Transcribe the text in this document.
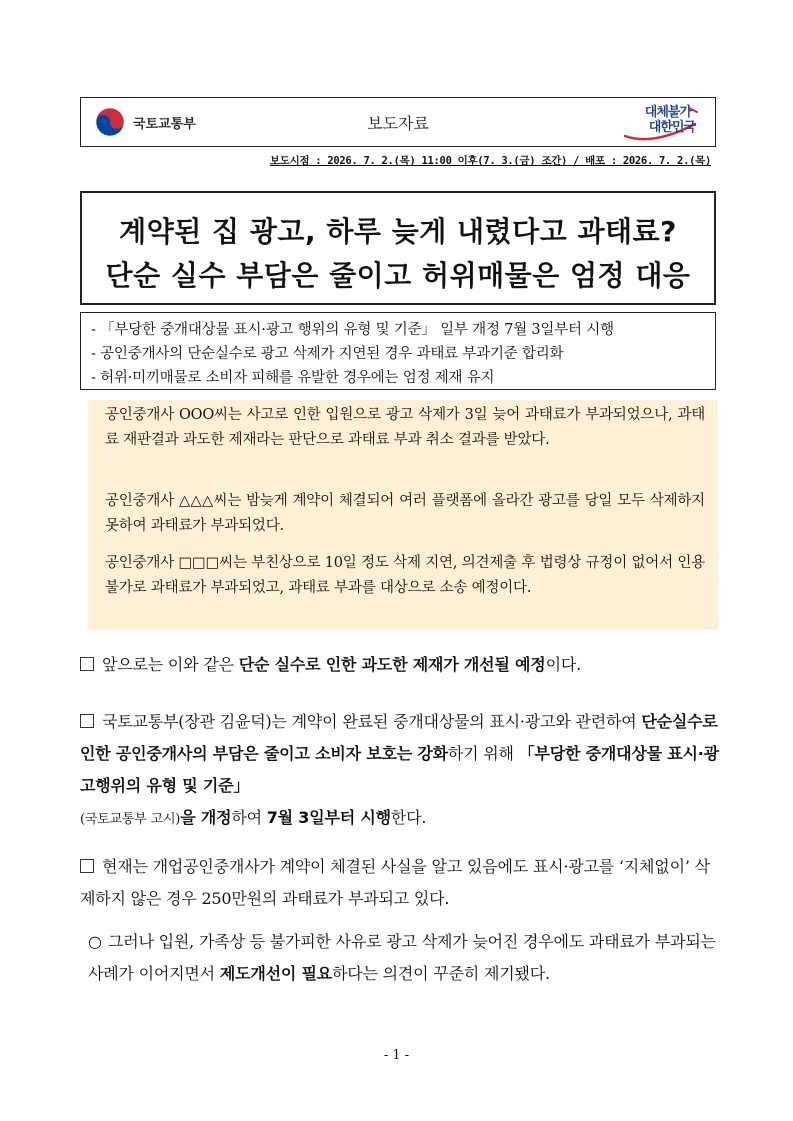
국토교통부	보도자료
대체불가
대한민국
보도시점 : 2026. 7. 2.(목) 11:00 이후(7. 3.(금) 조간) / 배포 : 2026. 7. 2.(목)
계약된 집 광고, 하루 늦게 내렸다고 과태료?
단순 실수 부담은 줄이고 허위매물은 엄정 대응
- 「부당한 중개대상물 표시·광고 행위의 유형 및 기준」 일부 개정 7월 3일부터 시행
- 공인중개사의 단순실수로 광고 삭제가 지연된 경우 과태료 부과기준 합리화
- 허위·미끼매물로 소비자 피해를 유발한 경우에는 엄정 제재 유지
공인중개사 OOO씨는 사고로 인한 입원으로 광고 삭제가 3일 늦어 과태료가 부과되었으나, 과태료 재판결과 과도한 제재라는 판단으로 과태료 부과 취소 결과를 받았다.
공인중개사 △△△씨는 밤늦게 계약이 체결되어 여러 플랫폼에 올라간 광고를 당일 모두 삭제하지 못하여 과태료가 부과되었다.
공인중개사 □□□씨는 부친상으로 10일 정도 삭제 지연, 의견제출 후 법령상 규정이 없어서 인용불가로 과태료가 부과되었고, 과태료 부과를 대상으로 소송 예정이다.
앞으로는 이와 같은 단순 실수로 인한 과도한 제재가 개선될 예정이다.
국토교통부(장관 김윤덕)는 계약이 완료된 중개대상물의 표시·광고와 관련하여 단순실수로 인한 공인중개사의 부담은 줄이고 소비자 보호는 강화하기 위해 「부당한 중개대상물 표시·광고행위의 유형 및 기준」
(국토교통부 고시)을 개정하여 7월 3일부터 시행한다.
현재는 개업공인중개사가 계약이 체결된 사실을 알고 있음에도 표시·광고를 ‘지체없이’ 삭제하지 않은 경우 250만원의 과태료가 부과되고 있다.
○ 그러나 입원, 가족상 등 불가피한 사유로 광고 삭제가 늦어진 경우에도 과태료가 부과되는 사례가 이어지면서 제도개선이 필요하다는 의견이 꾸준히 제기됐다.
- 1 -
